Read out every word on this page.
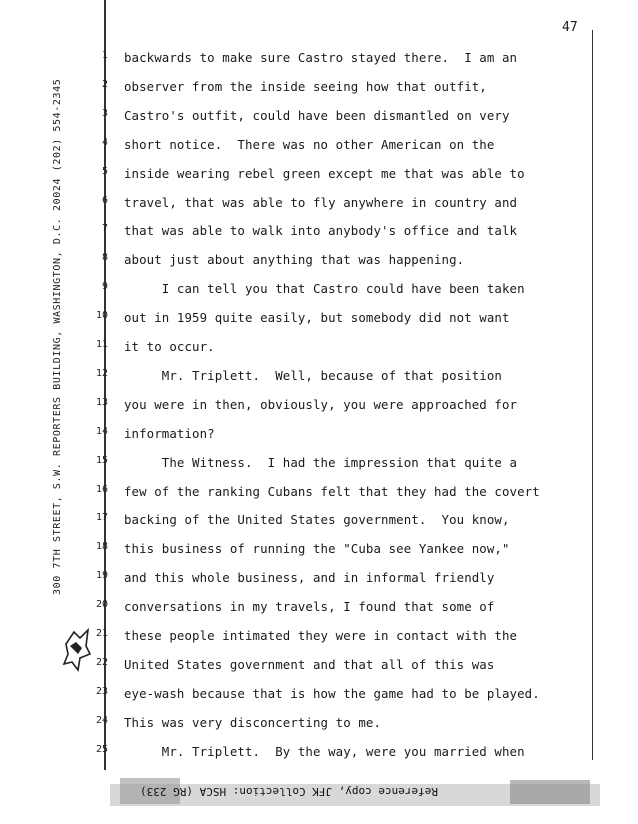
47
300 7TH STREET, S.W. REPORTERS BUILDING, WASHINGTON, D.C. 20024 (202) 554-2345
1
2
3
4
5
6
7
8
9
10
11
12
13
14
15
16
17
18
19
20
21
22
23
24
25
backwards to make sure Castro stayed there.  I am an
observer from the inside seeing how that outfit,
Castro's outfit, could have been dismantled on very
short notice.  There was no other American on the
inside wearing rebel green except me that was able to
travel, that was able to fly anywhere in country and
that was able to walk into anybody's office and talk
about just about anything that was happening.
I can tell you that Castro could have been taken
out in 1959 quite easily, but somebody did not want
it to occur.
Mr. Triplett.  Well, because of that position
you were in then, obviously, you were approached for
information?
The Witness.  I had the impression that quite a
few of the ranking Cubans felt that they had the covert
backing of the United States government.  You know,
this business of running the "Cuba see Yankee now,"
and this whole business, and in informal friendly
conversations in my travels, I found that some of
these people intimated they were in contact with the
United States government and that all of this was
eye-wash because that is how the game had to be played.
This was very disconcerting to me.
Mr. Triplett.  By the way, were you married when
Reference copy, JFK Collection: HSCA (RG 233)
